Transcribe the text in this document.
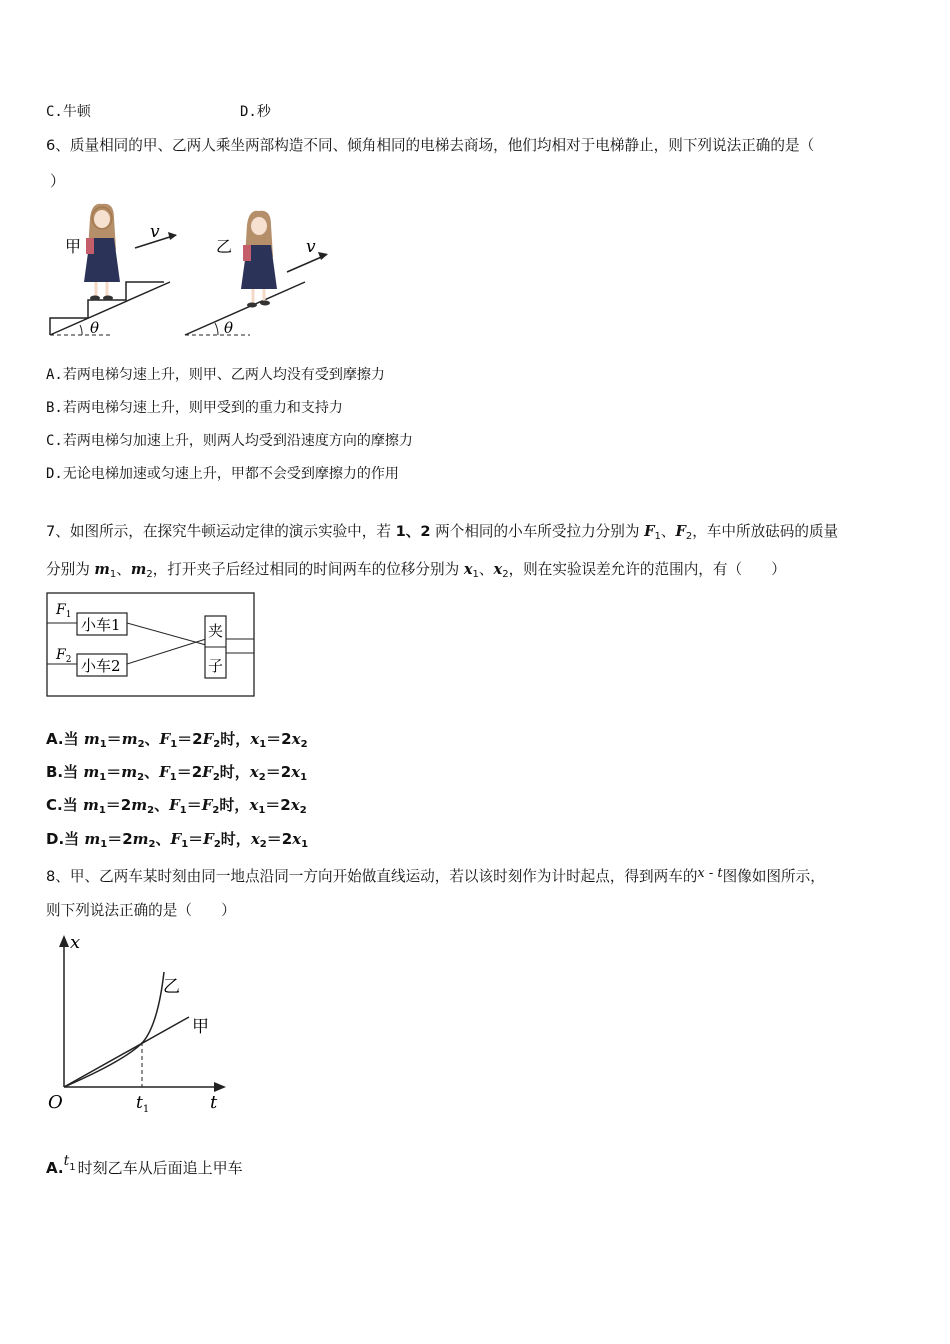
C.牛顿	D.秒
6、质量相同的甲、乙两人乘坐两部构造不同、倾角相同的电梯去商场，他们均相对于电梯静止，则下列说法正确的是（
）
θ
甲
v
θ
乙	v
A.若两电梯匀速上升，则甲、乙两人均没有受到摩擦力
B.若两电梯匀速上升，则甲受到的重力和支持力
C.若两电梯匀加速上升，则两人均受到沿速度方向的摩擦力
D.无论电梯加速或匀速上升，甲都不会受到摩擦力的作用
7、如图所示，在探究牛顿运动定律的演示实验中，若 1、2 两个相同的小车所受拉力分别为 $F_1$、$F_2$，车中所放砝码的质量
分别为 $m_1$、$m_2$，打开夹子后经过相同的时间两车的位移分别为 $x_1$、$x_2$，则在实验误差允许的范围内，有（　　）
小车1
小车2
夹
子
$F_1$
$F_2$
A.当 $m_1=m_2$、$F_1=2F_2$时，$x_1=2x_2$
B.当 $m_1=m_2$、$F_1=2F_2$时，$x_2=2x_1$
C.当 $m_1=2m_2$、$F_1=F_2$时，$x_1=2x_2$
D.当 $m_1=2m_2$、$F_1=F_2$时，$x_2=2x_1$
8、甲、乙两车某时刻由同一地点沿同一方向开始做直线运动，若以该时刻作为计时起点，得到两车的x - t图像如图所示，
则下列说法正确的是（　　）
x
t
O	$t_1$
乙
甲
$A.t_1$ 时刻乙车从后面追上甲车
